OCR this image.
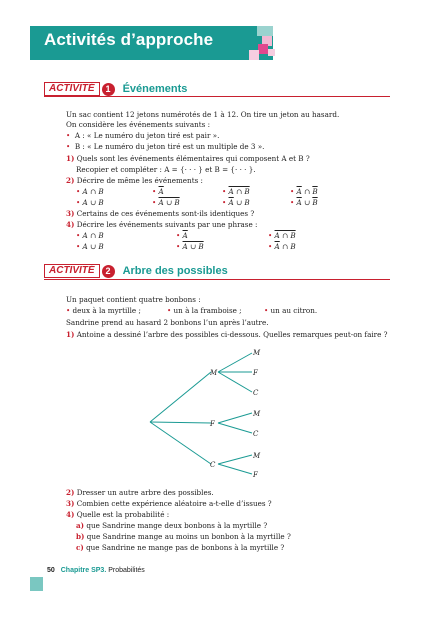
Activités d’approche
ACTIVITÉ	1	Événements
Un sac contient 12 jetons numérotés de 1 à 12. On tire un jeton au hasard.
On considère les événements suivants :
• A : « Le numéro du jeton tiré est pair ».
• B : « Le numéro du jeton tiré est un multiple de 3 ».
1) Quels sont les événements élémentaires qui composent A et B ?
Recopier et compléter : A = {· · · } et B = {· · · }.
2) Décrire de même les événements :
• A ∩ B	• $\overline{A}$	• A ∩ B	• $\overline{A}$ ∩ $\overline{B}$
• A ∪ B	• A ∪ B	• $\overline{A}$ ∪ B	• $\overline{A}$ ∪ $\overline{B}$
3) Certains de ces événements sont-ils identiques ?
4) Décrire les événements suivants par une phrase :
• A ∩ B	• $\overline{A}$	• A ∩ B
• A ∪ B	• A ∪ B	• $\overline{A}$ ∩ B
ACTIVITÉ	2	Arbre des possibles
Un paquet contient quatre bonbons :
• deux à la myrtille ;	• un à la framboise ;	• un au citron.
Sandrine prend au hasard 2 bonbons l’un après l’autre.
1) Antoine a dessiné l’arbre des possibles ci-dessous. Quelles remarques peut-on faire ?
M
F
C
M
F
C
M
C
M
F
2) Dresser un autre arbre des possibles.
3) Combien cette expérience aléatoire a-t-elle d’issues ?
4) Quelle est la probabilité :
a) que Sandrine mange deux bonbons à la myrtille ?
b) que Sandrine mange au moins un bonbon à la myrtille ?
c) que Sandrine ne mange pas de bonbons à la myrtille ?
50 Chapitre SP3. Probabilités
